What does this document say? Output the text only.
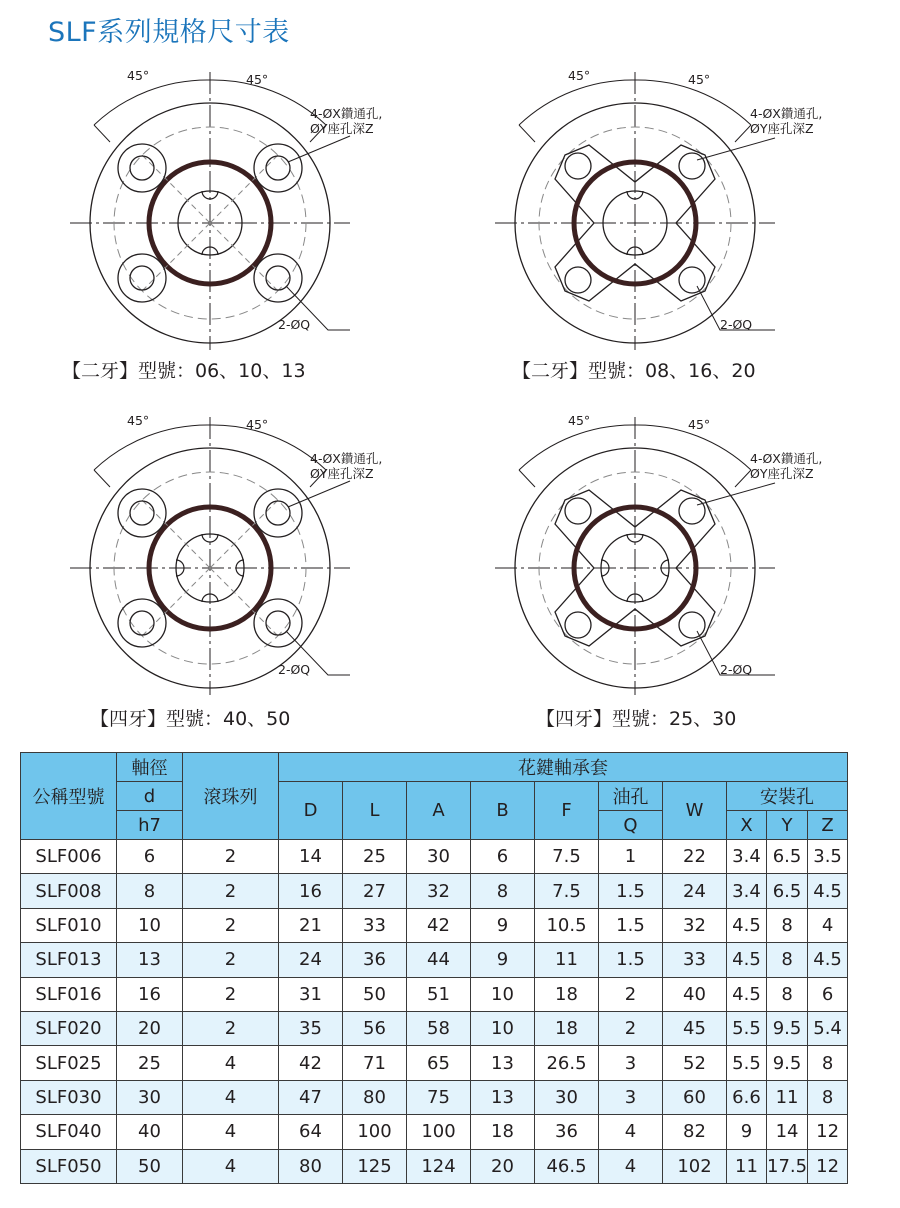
SLF系列規格尺寸表
45°	45°
4-ØX鑽通孔,
ØY座孔深Z
2-ØQ
【二牙】型號：06、10、13
45°	45°
4-ØX鑽通孔,
ØY座孔深Z
2-ØQ
【二牙】型號：08、16、20
45°	45°
4-ØX鑽通孔,
ØY座孔深Z
2-ØQ
【四牙】型號：40、50
45°	45°
4-ØX鑽通孔,
ØY座孔深Z
2-ØQ
【四牙】型號：25、30
公稱型號	軸徑	滾珠列	花鍵軸承套									
	d		D	L	A	B	F	油孔	W	安裝孔		
	h7							Q		X	Y	Z
SLF006	6	2	14	25	30	6	7.5	1	22	3.4	6.5	3.5
SLF008	8	2	16	27	32	8	7.5	1.5	24	3.4	6.5	4.5
SLF010	10	2	21	33	42	9	10.5	1.5	32	4.5	8	4
SLF013	13	2	24	36	44	9	11	1.5	33	4.5	8	4.5
SLF016	16	2	31	50	51	10	18	2	40	4.5	8	6
SLF020	20	2	35	56	58	10	18	2	45	5.5	9.5	5.4
SLF025	25	4	42	71	65	13	26.5	3	52	5.5	9.5	8
SLF030	30	4	47	80	75	13	30	3	60	6.6	11	8
SLF040	40	4	64	100	100	18	36	4	82	9	14	12
SLF050	50	4	80	125	124	20	46.5	4	102	11	17.5	12
